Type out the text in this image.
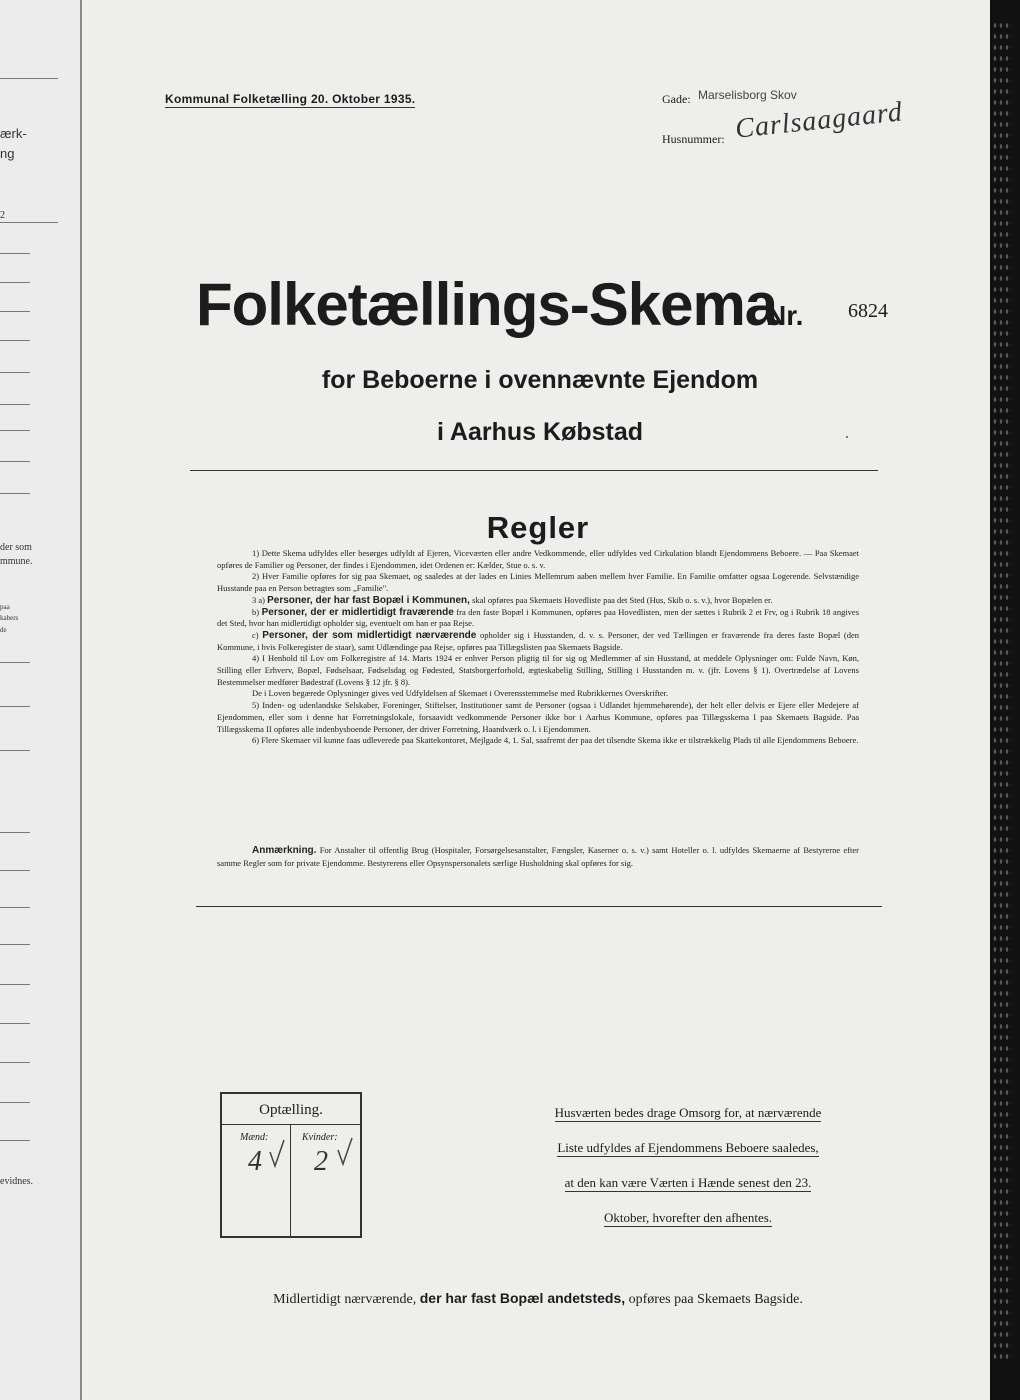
ærk-
ng
2
der som
mmune.
paa
kabers
de
evidnes.
Kommunal Folketælling 20. Oktober 1935.	Gade: Marselisborg Skov
Husnummer: Carlsaagaard
Folketællings-Skema
Nr. 6824
for Beboerne i ovennævnte Ejendom
i Aarhus Købstad
Regler

1) Dette Skema udfyldes eller besørges udfyldt af Ejeren, Viceværten eller andre Vedkommende, eller udfyldes ved Cirkulation blandt Ejendommens Beboere. — Paa Skemaet opføres de Familier og Personer, der findes i Ejendommen, idet Ordenen er: Kælder, Stue o. s. v.

2) Hver Familie opføres for sig paa Skemaet, og saaledes at der lades en Linies Mellemrum aaben mellem hver Familie. En Familie omfatter ogsaa Logerende. Selvstændige Husstande paa en Person betragtes som „Familie".

3 a) Personer, der har fast Bopæl i Kommunen, skal opføres paa Skemaets Hovedliste paa det Sted (Hus, Skib o. s. v.), hvor Bopælen er.

b) Personer, der er midlertidigt fraværende fra den faste Bopæl i Kommunen, opføres paa Hovedlisten, men der sættes i Rubrik 2 et Frv, og i Rubrik 18 angives det Sted, hvor han midlertidigt opholder sig, eventuelt om han er paa Rejse.

c) Personer, der som midlertidigt nærværende opholder sig i Husstanden, d. v. s. Personer, der ved Tællingen er fraværende fra deres faste Bopæl (den Kommune, i hvis Folkeregister de staar), samt Udlændinge paa Rejse, opføres paa Tillægslisten paa Skemaets Bagside.

4) I Henhold til Lov om Folkeregistre af 14. Marts 1924 er enhver Person pligtig til for sig og Medlemmer af sin Husstand, at meddele Oplysninger om: Fulde Navn, Køn, Stilling eller Erhverv, Bopæl, Fødselsaar, Fødselsdag og Fødested, Statsborgerforhold, ægteskabelig Stilling, Stilling i Husstanden m. v. (jfr. Lovens § 1). Overtrædelse af Lovens Bestemmelser medfører Bødestraf (Lovens § 12 jfr. § 8).

De i Loven begærede Oplysninger gives ved Udfyldelsen af Skemaet i Overensstemmelse med Rubrikkernes Overskrifter.

5) Inden- og udenlandske Selskaber, Foreninger, Stiftelser, Institutioner samt de Personer (ogsaa i Udlandet hjemmehørende), der helt eller delvis er Ejere eller Medejere af Ejendommen, eller som i denne har Forretningslokale, forsaavidt vedkommende Personer ikke bor i Aarhus Kommune, opføres paa Tillægsskema I paa Skemaets Bagside. Paa Tillægsskema II opføres alle indenbysboende Personer, der driver Forretning, Haandværk o. l. i Ejendommen.

6) Flere Skemaer vil kunne faas udleverede paa Skattekontoret, Mejlgade 4, 1. Sal, saafremt der paa det tilsendte Skema ikke er tilstrækkelig Plads til alle Ejendommens Beboere.

Anmærkning. For Anstalter til offentlig Brug (Hospitaler, Forsørgelsesanstalter, Fængsler, Kaserner o. s. v.) samt Hoteller o. l. udfyldes Skemaerne af Bestyrerne efter samme Regler som for private Ejendomme. Bestyrerens eller Opsynspersonalets særlige Husholdning skal opføres for sig.
Optælling.
Mænd:	Kvinder:
4 2
Husværten bedes drage Omsorg for, at nærværende
Liste udfyldes af Ejendommens Beboere saaledes,
at den kan være Værten i Hænde senest den 23.
Oktober, hvorefter den afhentes.
Midlertidigt nærværende, der har fast Bopæl andetsteds, opføres paa Skemaets Bagside.
